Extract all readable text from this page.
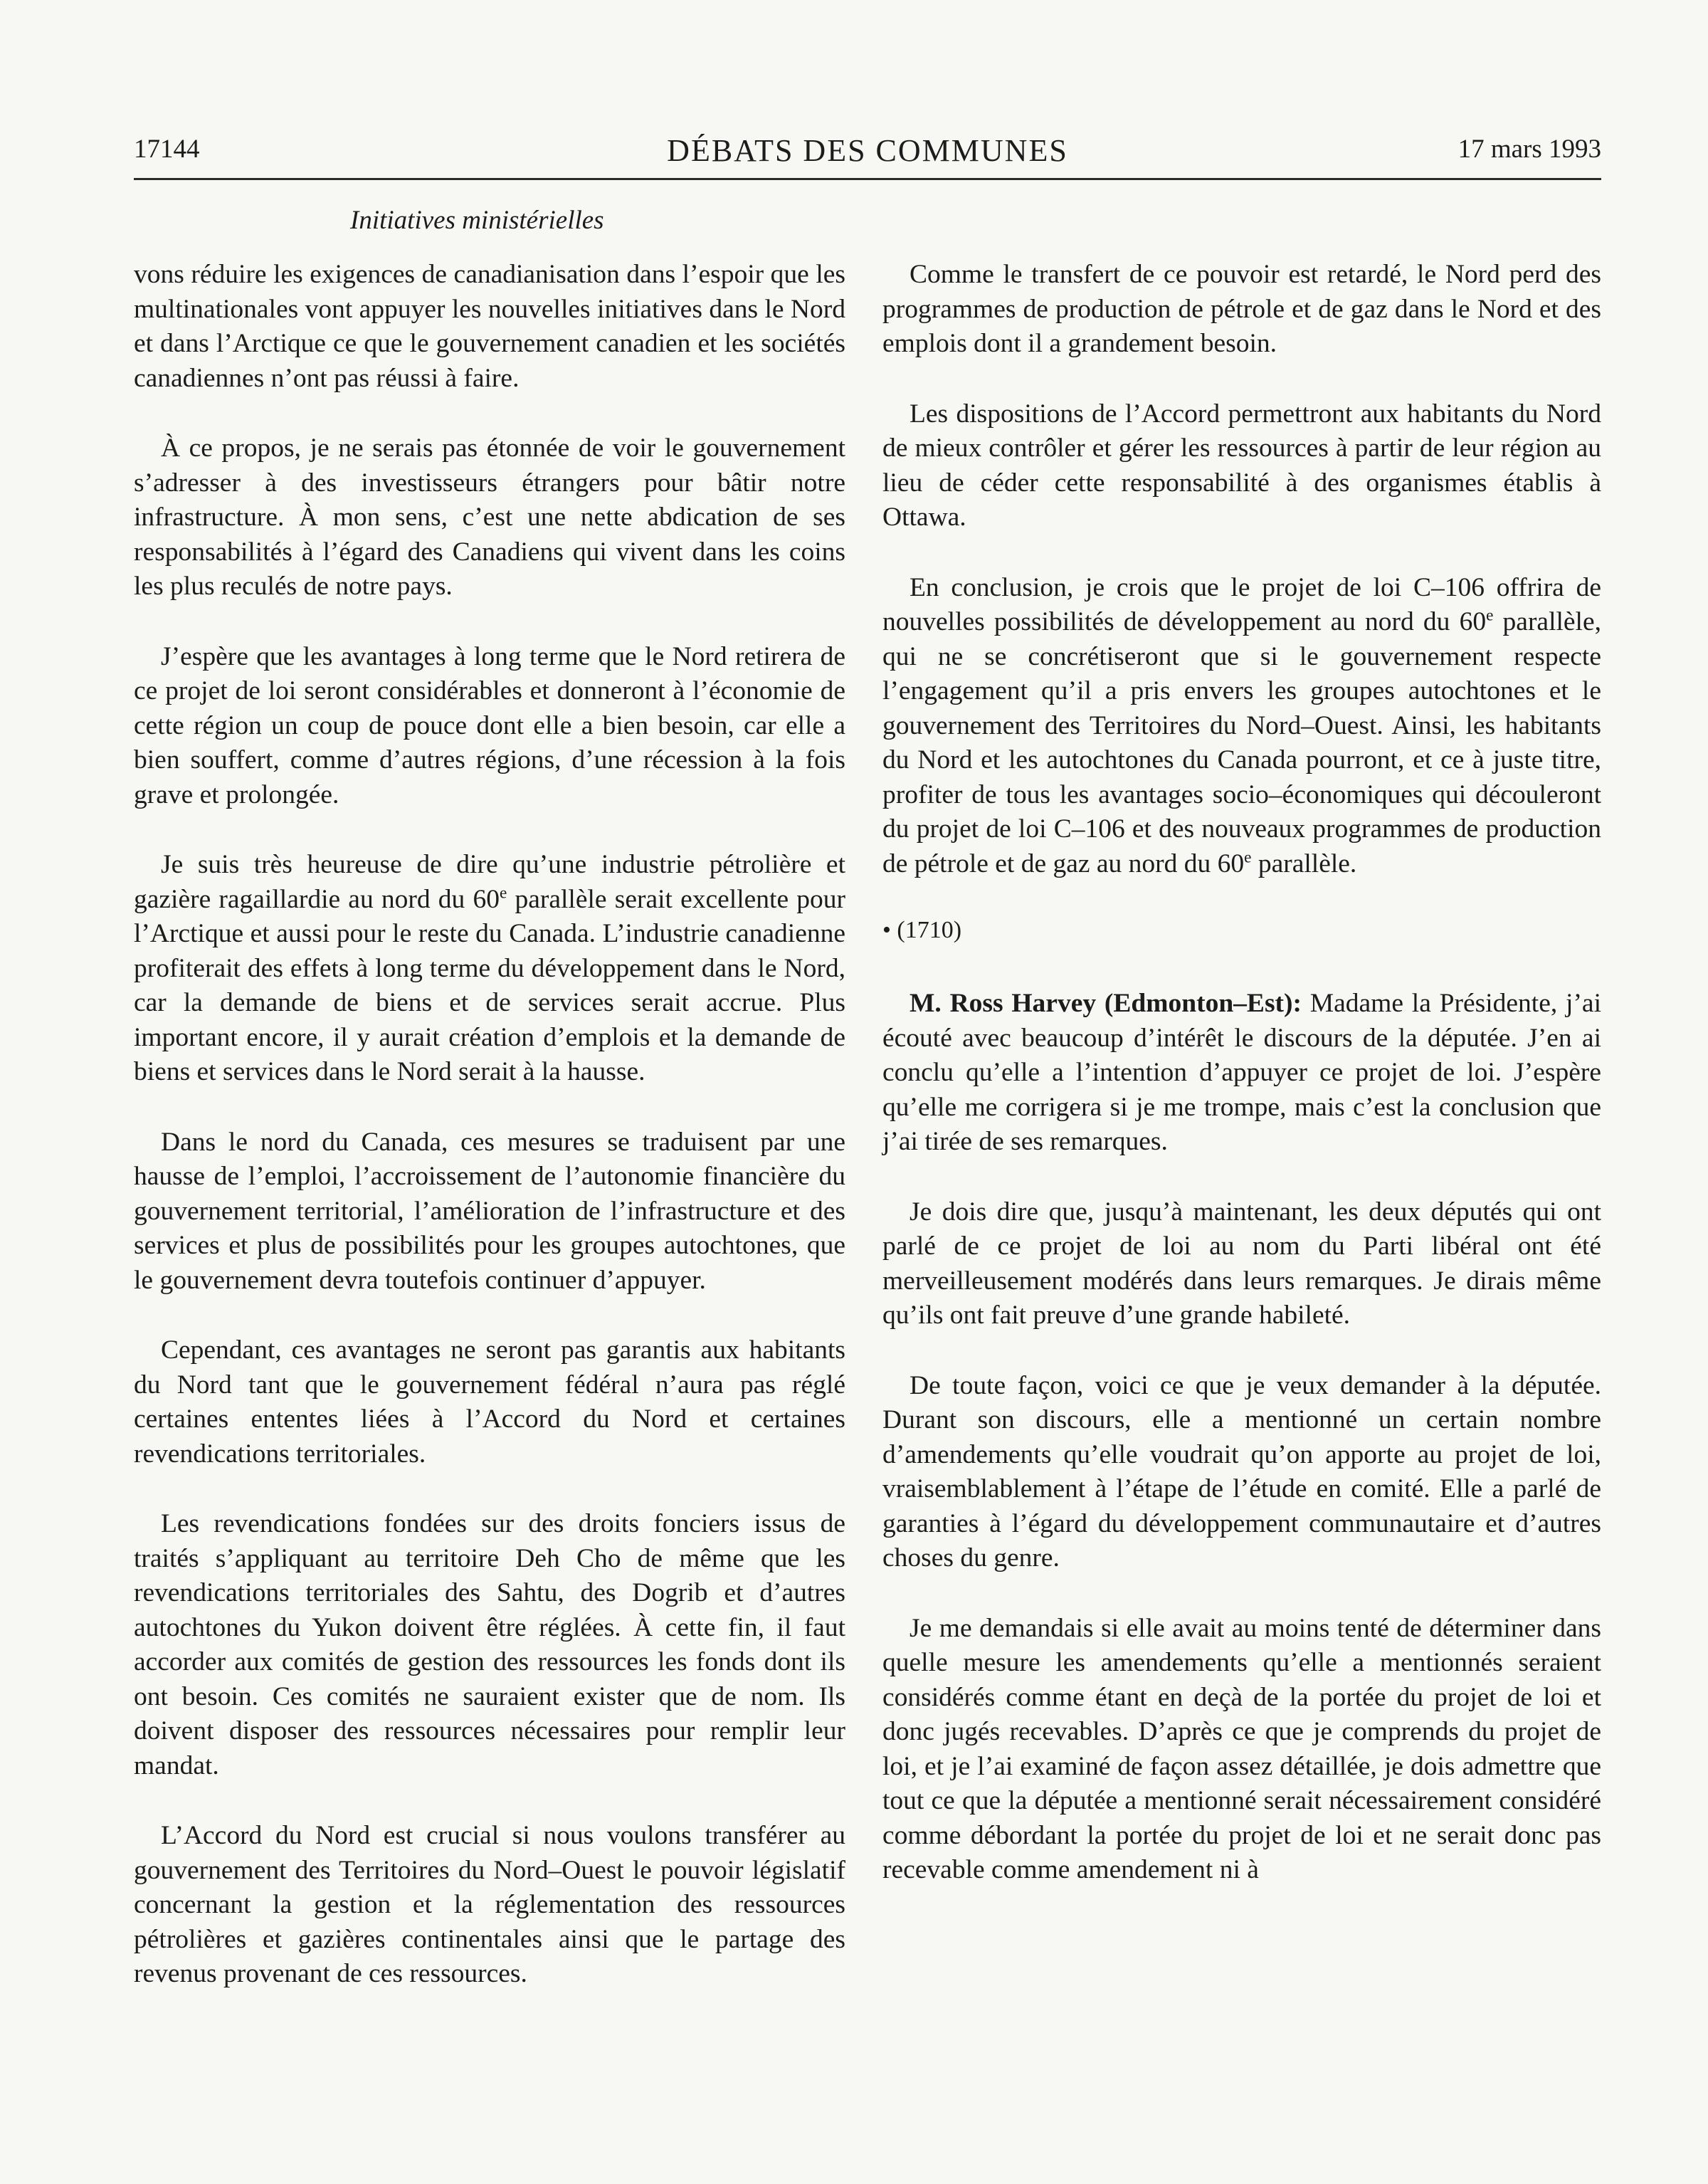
17144	DÉBATS DES COMMUNES	17 mars 1993
Initiatives ministérielles

vons réduire les exigences de canadianisation dans l’espoir que les multinationales vont appuyer les nouvelles initiatives dans le Nord et dans l’Arctique ce que le gouvernement canadien et les sociétés canadiennes n’ont pas réussi à faire.

À ce propos, je ne serais pas étonnée de voir le gouvernement s’adresser à des investisseurs étrangers pour bâtir notre infrastructure. À mon sens, c’est une nette abdication de ses responsabilités à l’égard des Canadiens qui vivent dans les coins les plus reculés de notre pays.

J’espère que les avantages à long terme que le Nord retirera de ce projet de loi seront considérables et donneront à l’économie de cette région un coup de pouce dont elle a bien besoin, car elle a bien souffert, comme d’autres régions, d’une récession à la fois grave et prolongée.

Je suis très heureuse de dire qu’une industrie pétrolière et gazière ragaillardie au nord du 60e parallèle serait excellente pour l’Arctique et aussi pour le reste du Canada. L’industrie canadienne profiterait des effets à long terme du développement dans le Nord, car la demande de biens et de services serait accrue. Plus important encore, il y aurait création d’emplois et la demande de biens et services dans le Nord serait à la hausse.

Dans le nord du Canada, ces mesures se traduisent par une hausse de l’emploi, l’accroissement de l’autonomie financière du gouvernement territorial, l’amélioration de l’infrastructure et des services et plus de possibilités pour les groupes autochtones, que le gouvernement devra toutefois continuer d’appuyer.

Cependant, ces avantages ne seront pas garantis aux habitants du Nord tant que le gouvernement fédéral n’aura pas réglé certaines ententes liées à l’Accord du Nord et certaines revendications territoriales.

Les revendications fondées sur des droits fonciers issus de traités s’appliquant au territoire Deh Cho de même que les revendications territoriales des Sahtu, des Dogrib et d’autres autochtones du Yukon doivent être réglées. À cette fin, il faut accorder aux comités de gestion des ressources les fonds dont ils ont besoin. Ces comités ne sauraient exister que de nom. Ils doivent disposer des ressources nécessaires pour remplir leur mandat.

L’Accord du Nord est crucial si nous voulons transférer au gouvernement des Territoires du Nord–Ouest le pouvoir législatif concernant la gestion et la réglementation des ressources pétrolières et gazières continentales ainsi que le partage des revenus provenant de ces ressources.

Comme le transfert de ce pouvoir est retardé, le Nord perd des programmes de production de pétrole et de gaz dans le Nord et des emplois dont il a grandement besoin.

Les dispositions de l’Accord permettront aux habitants du Nord de mieux contrôler et gérer les ressources à partir de leur région au lieu de céder cette responsabilité à des organismes établis à Ottawa.

En conclusion, je crois que le projet de loi C–106 offrira de nouvelles possibilités de développement au nord du 60e parallèle, qui ne se concrétiseront que si le gouvernement respecte l’engagement qu’il a pris envers les groupes autochtones et le gouvernement des Territoires du Nord–Ouest. Ainsi, les habitants du Nord et les autochtones du Canada pourront, et ce à juste titre, profiter de tous les avantages socio–économiques qui découleront du projet de loi C–106 et des nouveaux programmes de production de pétrole et de gaz au nord du 60e parallèle.

• (1710)

M. Ross Harvey (Edmonton–Est): Madame la Présidente, j’ai écouté avec beaucoup d’intérêt le discours de la députée. J’en ai conclu qu’elle a l’intention d’appuyer ce projet de loi. J’espère qu’elle me corrigera si je me trompe, mais c’est la conclusion que j’ai tirée de ses remarques.

Je dois dire que, jusqu’à maintenant, les deux députés qui ont parlé de ce projet de loi au nom du Parti libéral ont été merveilleusement modérés dans leurs remarques. Je dirais même qu’ils ont fait preuve d’une grande habileté.

De toute façon, voici ce que je veux demander à la députée. Durant son discours, elle a mentionné un certain nombre d’amendements qu’elle voudrait qu’on apporte au projet de loi, vraisemblablement à l’étape de l’étude en comité. Elle a parlé de garanties à l’égard du développement communautaire et d’autres choses du genre.

Je me demandais si elle avait au moins tenté de déterminer dans quelle mesure les amendements qu’elle a mentionnés seraient considérés comme étant en deçà de la portée du projet de loi et donc jugés recevables. D’après ce que je comprends du projet de loi, et je l’ai examiné de façon assez détaillée, je dois admettre que tout ce que la députée a mentionné serait nécessairement considéré comme débordant la portée du projet de loi et ne serait donc pas recevable comme amendement ni à
